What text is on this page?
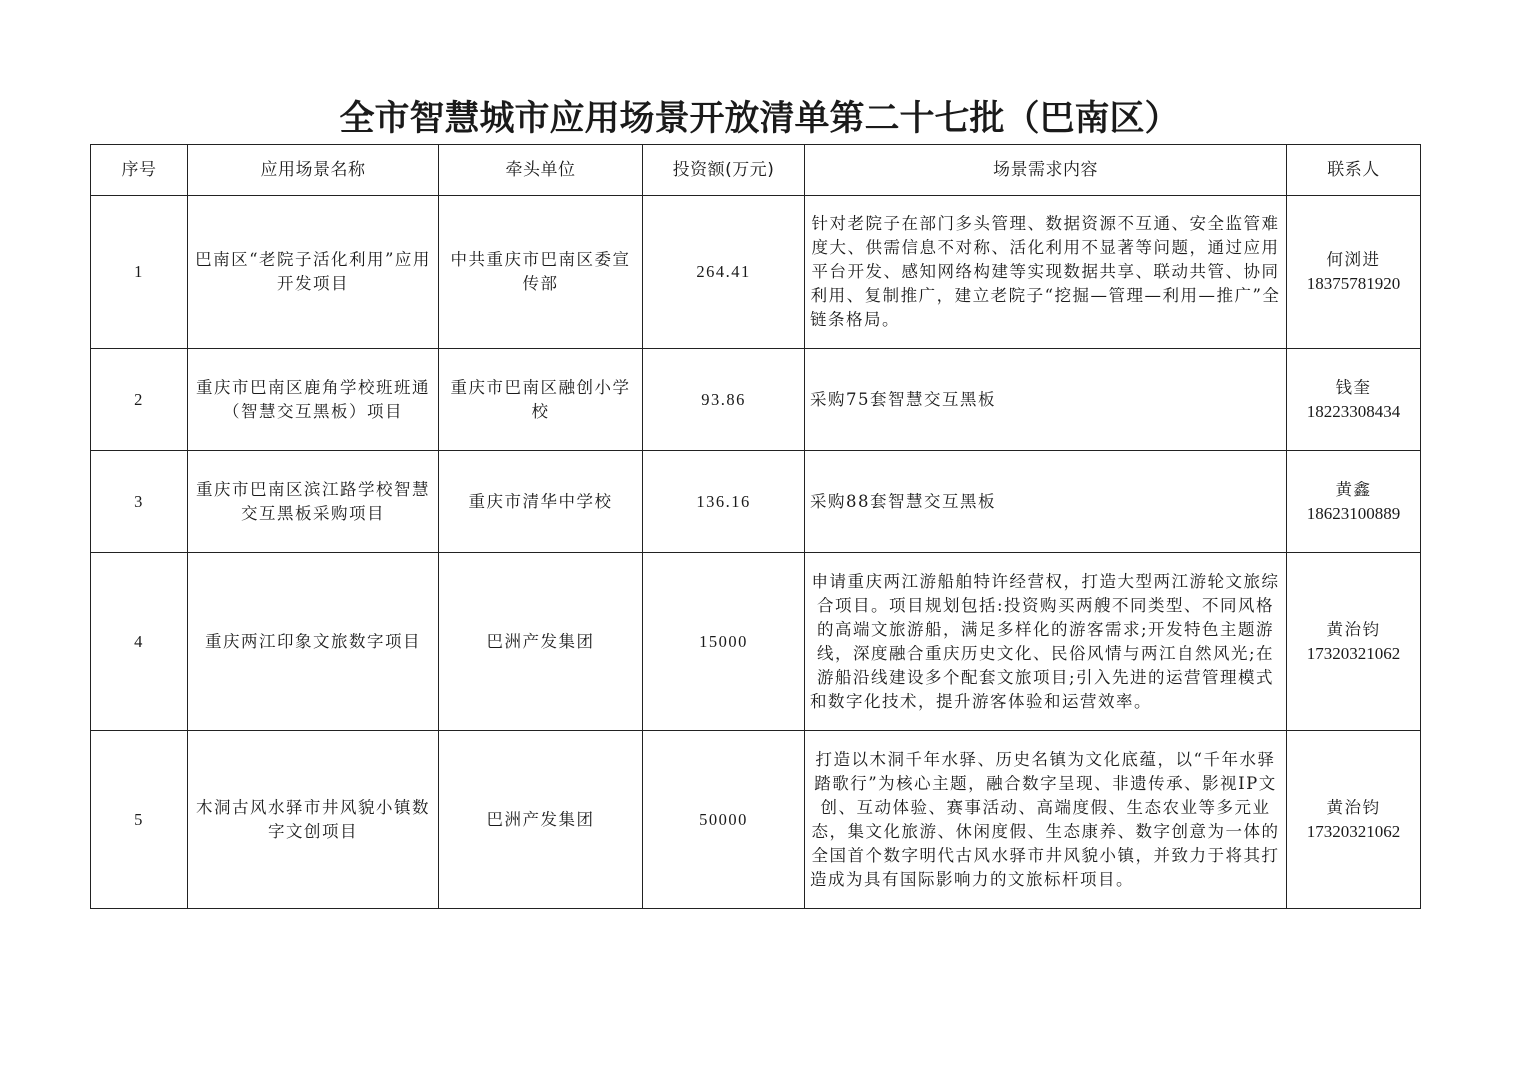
全市智慧城市应用场景开放清单第二十七批（巴南区）
序号	应用场景名称	牵头单位	投资额(万元)	场景需求内容	联系人
1	巴南区“老院子活化利用”应用开发项目	中共重庆市巴南区委宣传部	264.41	针对老院子在部门多头管理、数据资源不互通、安全监管难度大、供需信息不对称、活化利用不显著等问题，通过应用平台开发、感知网络构建等实现数据共享、联动共管、协同利用、复制推广，建立老院子“挖掘—管理—利用—推广”全链条格局。	何浏进
18375781920

2	重庆市巴南区鹿角学校班班通（智慧交互黑板）项目	重庆市巴南区融创小学校	93.86	采购75套智慧交互黑板	钱奎
18223308434

3	重庆市巴南区滨江路学校智慧交互黑板采购项目	重庆市清华中学校	136.16	采购88套智慧交互黑板	黄鑫
18623100889

4	重庆两江印象文旅数字项目	巴洲产发集团	15000	申请重庆两江游船舶特许经营权，打造大型两江游轮文旅综合项目。项目规划包括:投资购买两艘不同类型、不同风格的高端文旅游船，满足多样化的游客需求;开发特色主题游线，深度融合重庆历史文化、民俗风情与两江自然风光;在游船沿线建设多个配套文旅项目;引入先进的运营管理模式和数字化技术，提升游客体验和运营效率。	黄治钧
17320321062

5	木洞古风水驿市井风貌小镇数字文创项目	巴洲产发集团	50000	打造以木洞千年水驿、历史名镇为文化底蕴，以“千年水驿踏歌行”为核心主题，融合数字呈现、非遗传承、影视IP文创、互动体验、赛事活动、高端度假、生态农业等多元业态，集文化旅游、休闲度假、生态康养、数字创意为一体的全国首个数字明代古风水驿市井风貌小镇，并致力于将其打造成为具有国际影响力的文旅标杆项目。	黄治钧
17320321062
